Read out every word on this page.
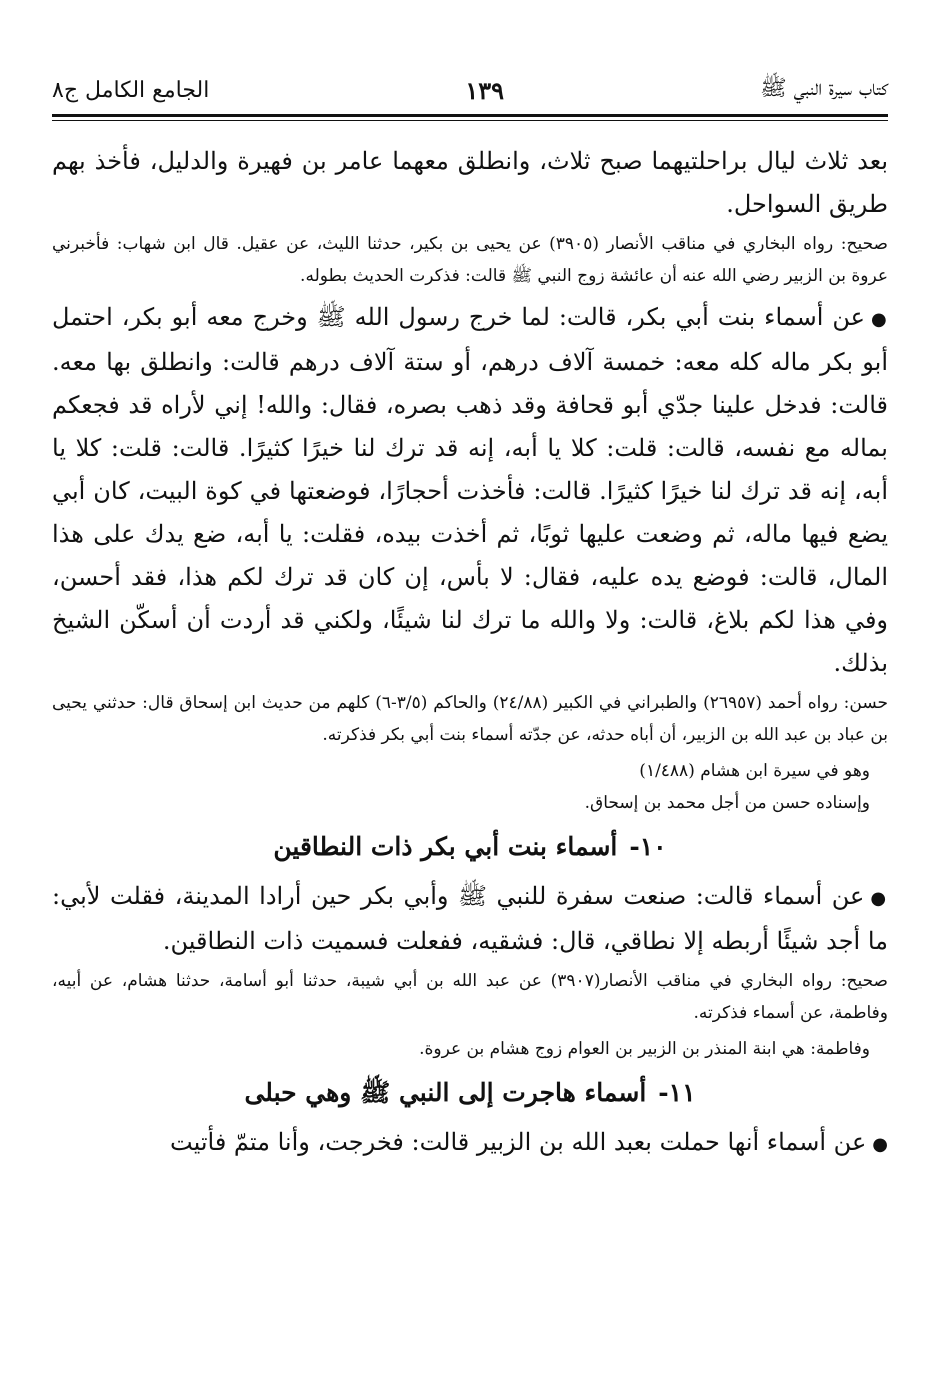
كتاب سيرة النبي ﷺ
١٣٩
الجامع الكامل ج٨

بعد ثلاث ليال براحلتيهما صبح ثلاث، وانطلق معهما عامر بن فهيرة والدليل، فأخذ بهم طريق السواحل.

صحيح: رواه البخاري في مناقب الأنصار (٣٩٠٥) عن يحيى بن بكير، حدثنا الليث، عن عقيل. قال ابن شهاب: فأخبرني عروة بن الزبير رضي الله عنه أن عائشة زوج النبي ﷺ قالت: فذكرت الحديث بطوله.

●عن أسماء بنت أبي بكر، قالت: لما خرج رسول الله ﷺ وخرج معه أبو بكر، احتمل أبو بكر ماله كله معه: خمسة آلاف درهم، أو ستة آلاف درهم قالت: وانطلق بها معه. قالت: فدخل علينا جدّي أبو قحافة وقد ذهب بصره، فقال: والله! إني لأراه قد فجعكم بماله مع نفسه، قالت: قلت: كلا يا أبه، إنه قد ترك لنا خيرًا كثيرًا. قالت: قلت: كلا يا أبه، إنه قد ترك لنا خيرًا كثيرًا. قالت: فأخذت أحجارًا، فوضعتها في كوة البيت، كان أبي يضع فيها ماله، ثم وضعت عليها ثوبًا، ثم أخذت بيده، فقلت: يا أبه، ضع يدك على هذا المال، قالت: فوضع يده عليه، فقال: لا بأس، إن كان قد ترك لكم هذا، فقد أحسن، وفي هذا لكم بلاغ، قالت: ولا والله ما ترك لنا شيئًا، ولكني قد أردت أن أسكّن الشيخ بذلك.

حسن: رواه أحمد (٢٦٩٥٧) والطبراني في الكبير (٢٤/٨٨) والحاكم (٣/٥-٦) كلهم من حديث ابن إسحاق قال: حدثني يحيى بن عباد بن عبد الله بن الزبير، أن أباه حدثه، عن جدّته أسماء بنت أبي بكر فذكرته.

وهو في سيرة ابن هشام (١/٤٨٨)

وإسناده حسن من أجل محمد بن إسحاق.

١٠-أسماء بنت أبي بكر ذات النطاقين

●عن أسماء قالت: صنعت سفرة للنبي ﷺ وأبي بكر حين أرادا المدينة، فقلت لأبي: ما أجد شيئًا أربطه إلا نطاقي، قال: فشقيه، ففعلت فسميت ذات النطاقين.

صحيح: رواه البخاري في مناقب الأنصار(٣٩٠٧) عن عبد الله بن أبي شيبة، حدثنا أبو أسامة، حدثنا هشام، عن أبيه، وفاطمة، عن أسماء فذكرته.

وفاطمة: هي ابنة المنذر بن الزبير بن العوام زوج هشام بن عروة.

١١-أسماء هاجرت إلى النبي ﷺ وهي حبلى

●عن أسماء أنها حملت بعبد الله بن الزبير قالت: فخرجت، وأنا متمّ فأتيت
